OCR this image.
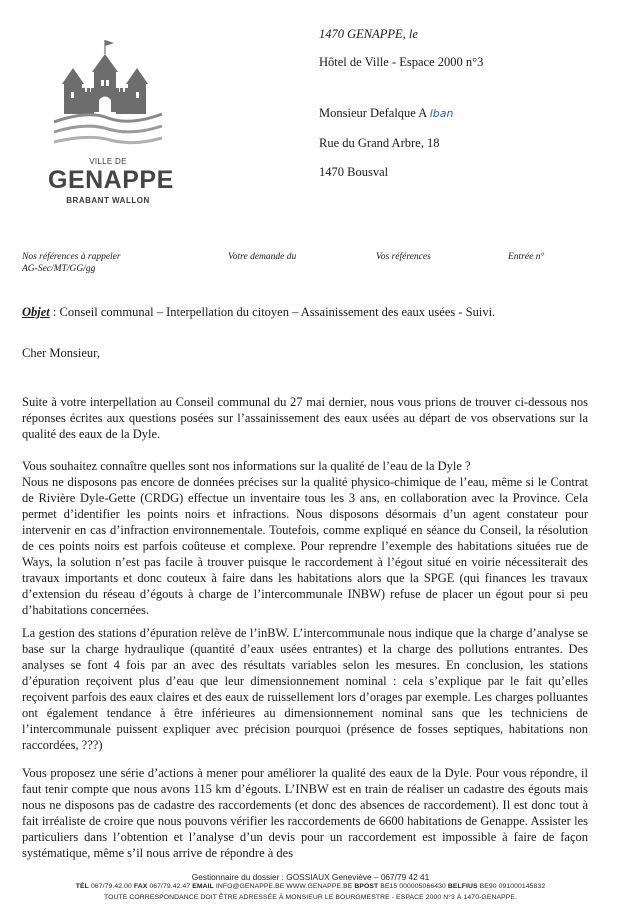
VILLE DE
GENAPPE
BRABANT WALLON
1470 GENAPPE, le
Hôtel de Ville - Espace 2000 n°3
Monsieur Defalque A lban
Rue du Grand Arbre, 18
1470 Bousval
Nos références à rappeler
AG-Sec/MT/GG/gg
Votre demande du	Vos références	Entrée n°
Objet : Conseil communal – Interpellation du citoyen – Assainissement des eaux usées - Suivi.
Cher Monsieur,

Suite à votre interpellation au Conseil communal du 27 mai dernier, nous vous prions de trouver ci-dessous nos réponses écrites aux questions posées sur l’assainissement des eaux usées au départ de vos observations sur la qualité des eaux de la Dyle.

Vous souhaitez connaître quelles sont nos informations sur la qualité de l’eau de la Dyle ?

Nous ne disposons pas encore de données précises sur la qualité physico-chimique de l’eau, même si le Contrat de Rivière Dyle-Gette (CRDG) effectue un inventaire tous les 3 ans, en collaboration avec la Province. Cela permet d’identifier les points noirs et infractions. Nous disposons désormais d’un agent constateur pour intervenir en cas d’infraction environnementale. Toutefois, comme expliqué en séance du Conseil, la résolution de ces points noirs est parfois coûteuse et complexe. Pour reprendre l’exemple des habitations situées rue de Ways, la solution n’est pas facile à trouver puisque le raccordement à l’égout situé en voirie nécessiterait des travaux importants et donc couteux à faire dans les habitations alors que la SPGE (qui finances les travaux d’extension du réseau d’égouts à charge de l’intercommunale INBW) refuse de placer un égout pour si peu d’habitations concernées.

La gestion des stations d’épuration relève de l’inBW. L’intercommunale nous indique que la charge d’analyse se base sur la charge hydraulique (quantité d’eaux usées entrantes) et la charge des pollutions entrantes. Des analyses se font 4 fois par an avec des résultats variables selon les mesures. En conclusion, les stations d’épuration reçoivent plus d’eau que leur dimensionnement nominal : cela s’explique par le fait qu’elles reçoivent parfois des eaux claires et des eaux de ruissellement lors d’orages par exemple. Les charges polluantes ont également tendance à être inférieures au dimensionnement nominal sans que les techniciens de l’intercommunale puissent expliquer avec précision pourquoi (présence de fosses septiques, habitations non raccordées, ???)

Vous proposez une série d’actions à mener pour améliorer la qualité des eaux de la Dyle. Pour vous répondre, il faut tenir compte que nous avons 115 km d’égouts. L’INBW est en train de réaliser un cadastre des égouts mais nous ne disposons pas de cadastre des raccordements (et donc des absences de raccordement). Il est donc tout à fait irréaliste de croire que nous pouvons vérifier les raccordements de 6600 habitations de Genappe. Assister les particuliers dans l’obtention et l’analyse d’un devis pour un raccordement est impossible à faire de façon systématique, même s’il nous arrive de répondre à des

Gestionnaire du dossier : GOSSIAUX Geneviève – 067/79 42 41
TÉL 067/79.42.00 FAX 067/79.42.47 EMAIL INFO@GENAPPE.BE WWW.GENAPPE.BE BPOST BE15 000005066430 BELFIUS BE90 091000145832
TOUTE CORRESPONDANCE DOIT ÊTRE ADRESSÉE À MONSIEUR LE BOURGMESTRE - ESPACE 2000 N°3 À 1470-GENAPPE.
